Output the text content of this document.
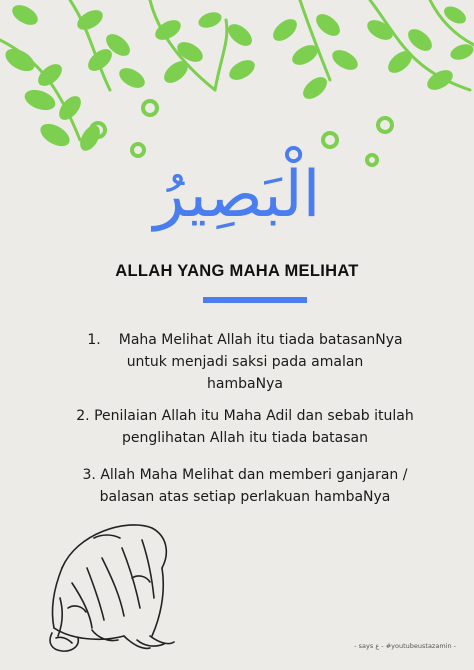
الْبَصِيرُ
ALLAH YANG MAHA MELIHAT
1. Maha Melihat Allah itu tiada batasanNya
untuk menjadi saksi pada amalan
hambaNya
2. Penilaian Allah itu Maha Adil dan sebab itulah
penglihatan Allah itu tiada batasan
3. Allah Maha Melihat dan memberi ganjaran /
balasan atas setiap perlakuan hambaNya
- says ع - #youtubeustazamin -
